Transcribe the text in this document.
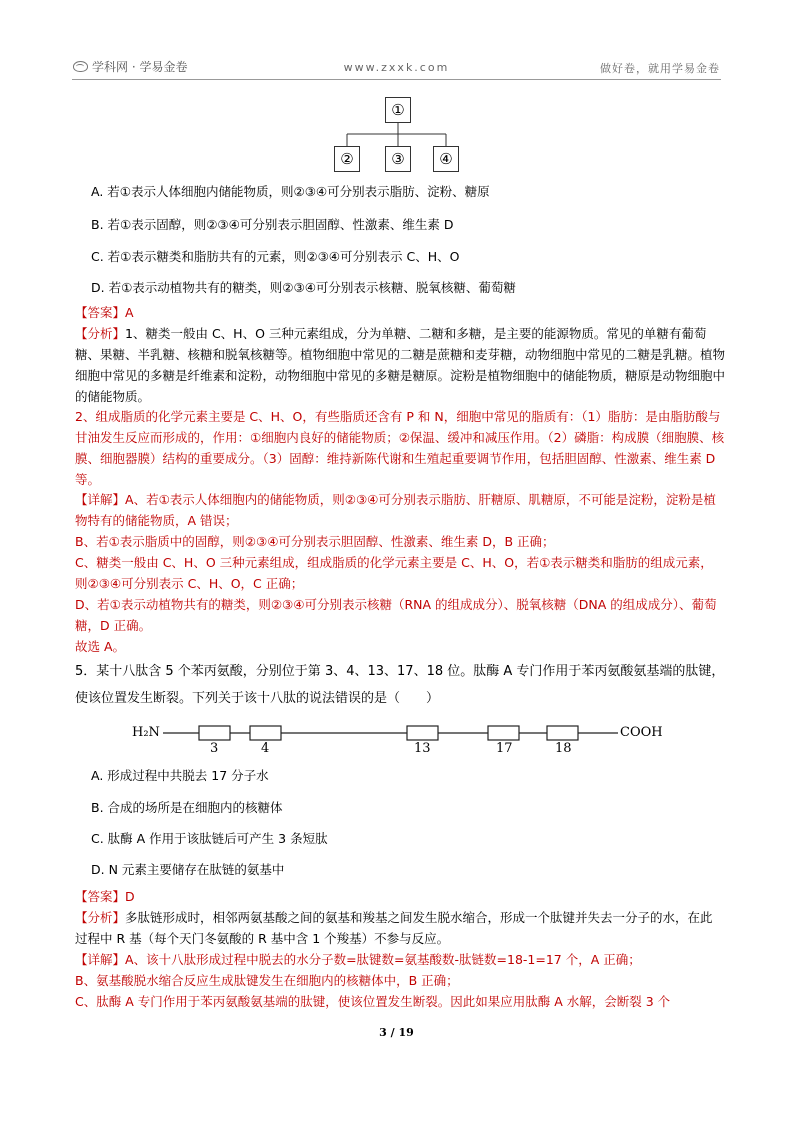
学科网 · 学易金卷	www.zxxk.com	做好卷，就用学易金卷
①
②	③	④
A. 若①表示人体细胞内储能物质，则②③④可分别表示脂肪、淀粉、糖原
B. 若①表示固醇，则②③④可分别表示胆固醇、性激素、维生素 D
C. 若①表示糖类和脂肪共有的元素，则②③④可分别表示 C、H、O
D. 若①表示动植物共有的糖类，则②③④可分别表示核糖、脱氧核糖、葡萄糖
【答案】A
【分析】1、糖类一般由 C、H、O 三种元素组成，分为单糖、二糖和多糖，是主要的能源物质。常见的单糖有葡萄糖、果糖、半乳糖、核糖和脱氧核糖等。植物细胞中常见的二糖是蔗糖和麦芽糖，动物细胞中常见的二糖是乳糖。植物细胞中常见的多糖是纤维素和淀粉，动物细胞中常见的多糖是糖原。淀粉是植物细胞中的储能物质，糖原是动物细胞中的储能物质。
2、组成脂质的化学元素主要是 C、H、O，有些脂质还含有 P 和 N，细胞中常见的脂质有：（1）脂肪：是由脂肪酸与甘油发生反应而形成的，作用：①细胞内良好的储能物质；②保温、缓冲和减压作用。（2）磷脂：构成膜（细胞膜、核膜、细胞器膜）结构的重要成分。（3）固醇：维持新陈代谢和生殖起重要调节作用，包括胆固醇、性激素、维生素 D 等。
【详解】A、若①表示人体细胞内的储能物质，则②③④可分别表示脂肪、肝糖原、肌糖原，不可能是淀粉，淀粉是植物特有的储能物质，A 错误；
B、若①表示脂质中的固醇，则②③④可分别表示胆固醇、性激素、维生素 D，B 正确；
C、糖类一般由 C、H、O 三种元素组成，组成脂质的化学元素主要是 C、H、O，若①表示糖类和脂肪的组成元素，则②③④可分别表示 C、H、O，C 正确；
D、若①表示动植物共有的糖类，则②③④可分别表示核糖（RNA 的组成成分）、脱氧核糖（DNA 的组成成分）、葡萄糖，D 正确。
故选 A。
5．某十八肽含 5 个苯丙氨酸，分别位于第 3、4、13、17、18 位。肽酶 A 专门作用于苯丙氨酸氨基端的肽键，使该位置发生断裂。下列关于该十八肽的说法错误的是（　　）
H₂N	COOH
3	4	13	17	18
A. 形成过程中共脱去 17 分子水
B. 合成的场所是在细胞内的核糖体
C. 肽酶 A 作用于该肽链后可产生 3 条短肽
D. N 元素主要储存在肽链的氨基中
【答案】D
【分析】多肽链形成时，相邻两氨基酸之间的氨基和羧基之间发生脱水缩合，形成一个肽键并失去一分子的水，在此过程中 R 基（每个天门冬氨酸的 R 基中含 1 个羧基）不参与反应。
【详解】A、该十八肽形成过程中脱去的水分子数=肽键数=氨基酸数-肽链数=18-1=17 个，A 正确；
B、氨基酸脱水缩合反应生成肽键发生在细胞内的核糖体中，B 正确；
C、肽酶 A 专门作用于苯丙氨酸氨基端的肽键，使该位置发生断裂。因此如果应用肽酶 A 水解，会断裂 3 个
3 / 19
